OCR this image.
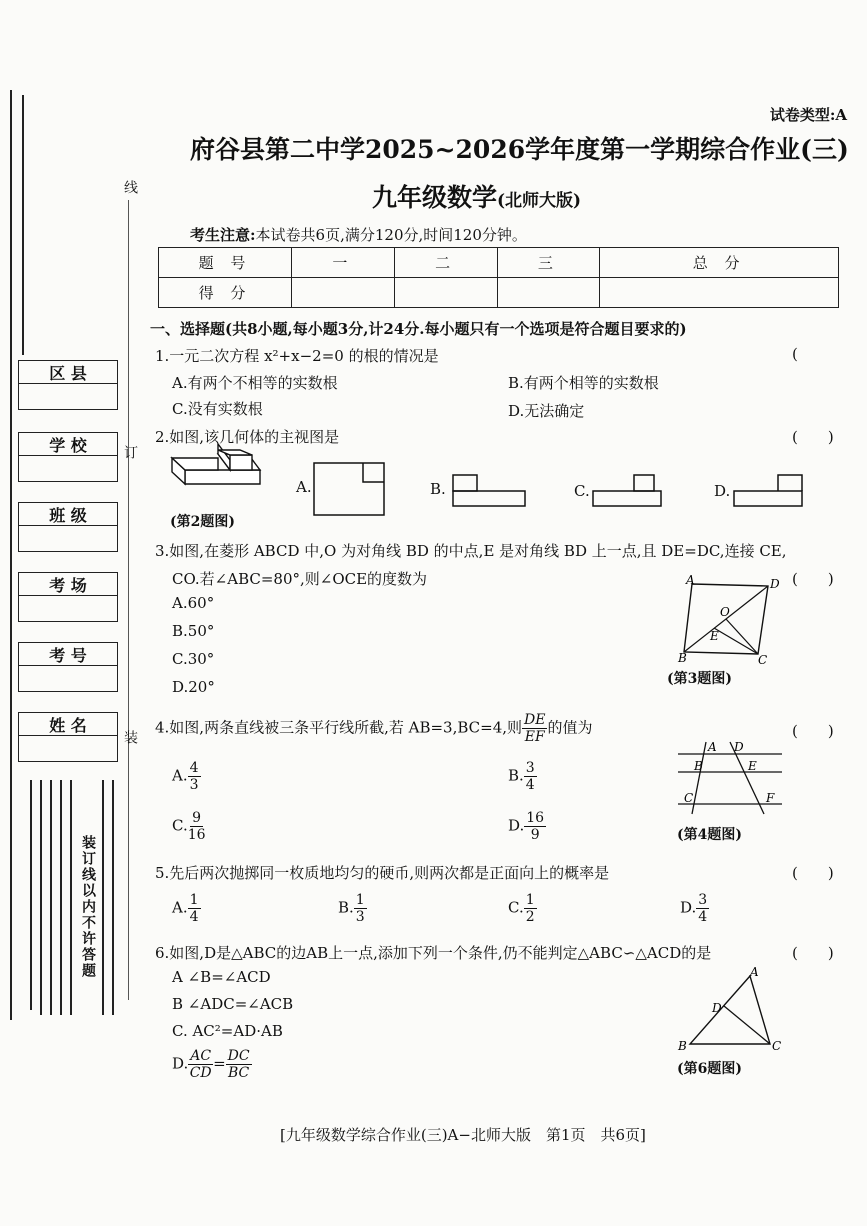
线
订
装
装订线以内不许答题
区 县
学 校
班 级
考 场
考 号
姓 名
试卷类型:A
府谷县第二中学2025~2026学年度第一学期综合作业(三)
九年级数学(北师大版)
考生注意:本试卷共6页,满分120分,时间120分钟。
题 号	一	二	三	总 分
得 分				
一、选择题(共8小题,每小题3分,计24分.每小题只有一个选项是符合题目要求的)
1.一元二次方程 x²+x−2=0 的根的情况是	(
A.有两个不相等的实数根	B.有两个相等的实数根
C.没有实数根	D.无法确定
2.如图,该几何体的主视图是	(　　)
(第2题图)
A.	B.	C.	D.
3.如图,在菱形 ABCD 中,O 为对角线 BD 的中点,E 是对角线 BD 上一点,且 DE=DC,连接 CE,
CO.若∠ABC=80°,则∠OCE的度数为	(　　)
A.60°
B.50°
C.30°
D.20°
A	D
O
E
B	C
(第3题图)
4.如图,两条直线被三条平行线所截,若 AB=3,BC=4,则 $\frac{DE}{EF}$ 的值为	(　　)
A. $\frac{4}{3}$	B. $\frac{3}{4}$
C. $\frac{9}{16}$	D. $\frac{16}{9}$
A D
B	E
C	F
(第4题图)
5.先后两次抛掷同一枚质地均匀的硬币,则两次都是正面向上的概率是	(　　)
A. $\frac{1}{4}$	B. $\frac{1}{3}$	C. $\frac{1}{2}$	D. $\frac{3}{4}$
6.如图,D是△ABC的边AB上一点,添加下列一个条件,仍不能判定△ABC∽△ACD的是	(　　)
A ∠B=∠ACD
B ∠ADC=∠ACB
C. AC²=AD·AB
D. $\frac{AC}{CD} = \frac{DC}{BC}$
A
D
B	C
(第6题图)
[九年级数学综合作业(三)A−北师大版　第1页　共6页]
